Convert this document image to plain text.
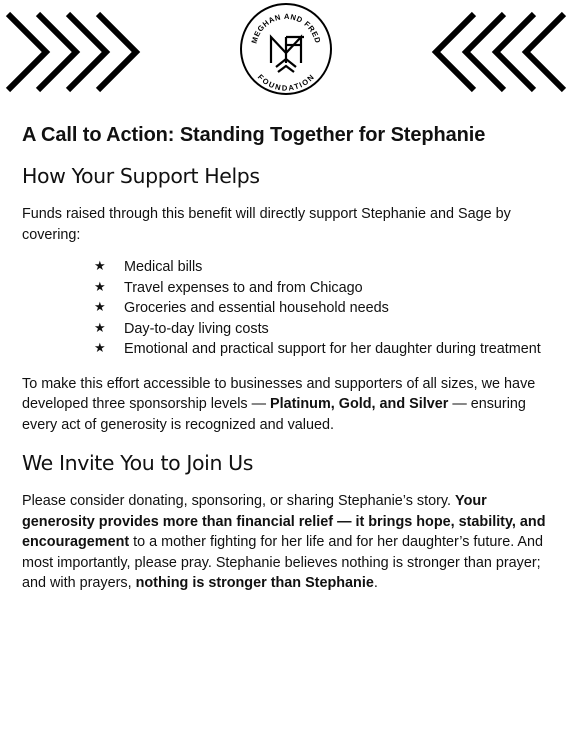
MEGHAN AND FRED
FOUNDATION
A Call to Action: Standing Together for Stephanie
How Your Support Helps

Funds raised through this benefit will directly support Stephanie and Sage by covering:

★ Medical bills
★ Travel expenses to and from Chicago
★ Groceries and essential household needs
★ Day-to-day living costs
★ Emotional and practical support for her daughter during treatment

To make this effort accessible to businesses and supporters of all sizes, we have developed three sponsorship levels — Platinum, Gold, and Silver — ensuring every act of generosity is recognized and valued.

We Invite You to Join Us

Please consider donating, sponsoring, or sharing Stephanie’s story. Your generosity provides more than financial relief — it brings hope, stability, and encouragement to a mother fighting for her life and for her daughter’s future. And most importantly, please pray. Stephanie believes nothing is stronger than prayer; and with prayers, nothing is stronger than Stephanie.
